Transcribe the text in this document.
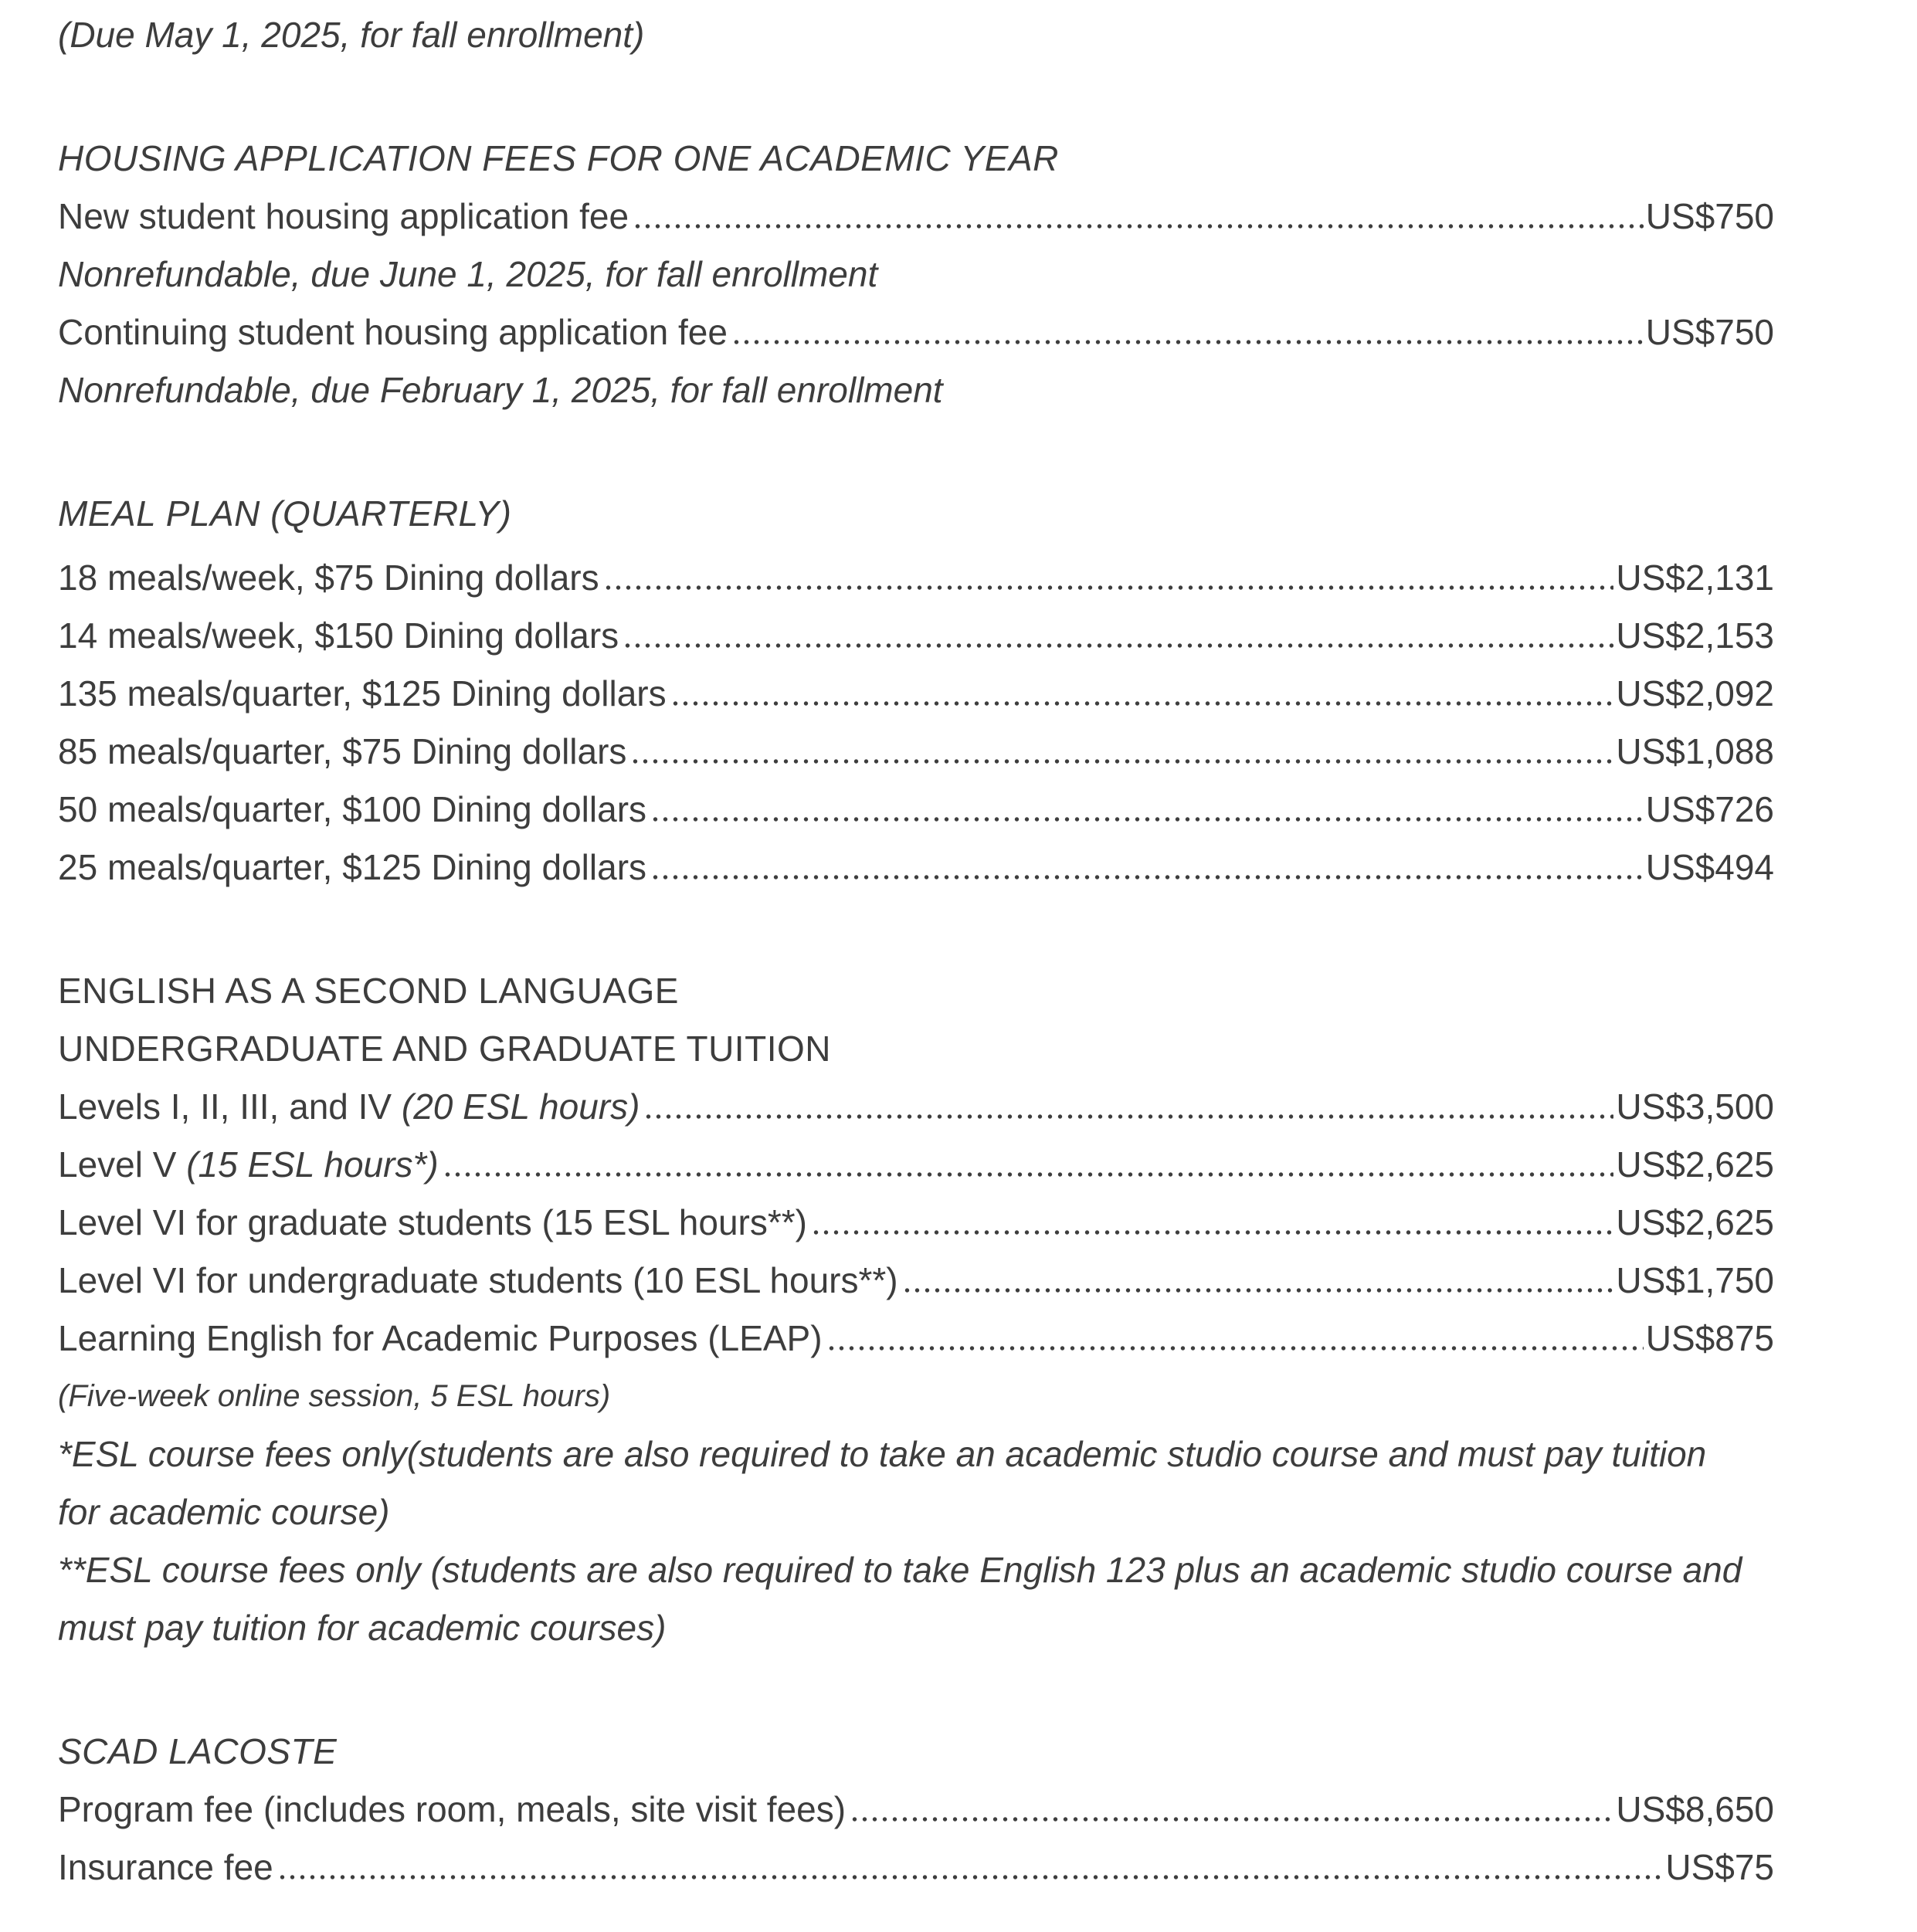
(Due May 1, 2025, for fall enrollment)
HOUSING APPLICATION FEES FOR ONE ACADEMIC YEAR
New student housing application fee	US$750
Nonrefundable, due June 1, 2025, for fall enrollment
Continuing student housing application fee	US$750
Nonrefundable, due February 1, 2025, for fall enrollment
MEAL PLAN (QUARTERLY)
18 meals/week, $75 Dining dollars	US$2,131
14 meals/week, $150 Dining dollars	US$2,153
135 meals/quarter, $125 Dining dollars	US$2,092
85 meals/quarter, $75 Dining dollars	US$1,088
50 meals/quarter, $100 Dining dollars	US$726
25 meals/quarter, $125 Dining dollars	US$494
ENGLISH AS A SECOND LANGUAGE
UNDERGRADUATE AND GRADUATE TUITION
Levels I, II, III, and IV (20 ESL hours)	US$3,500
Level V (15 ESL hours*)	US$2,625
Level VI for graduate students (15 ESL hours**)	US$2,625
Level VI for undergraduate students (10 ESL hours**)	US$1,750
Learning English for Academic Purposes (LEAP)	US$875
(Five-week online session, 5 ESL hours)
*ESL course fees only(students are also required to take an academic studio course and must pay tuition
for academic course)
**ESL course fees only (students are also required to take English 123 plus an academic studio course and
must pay tuition for academic courses)
SCAD LACOSTE
Program fee (includes room, meals, site visit fees)	US$8,650
Insurance fee	US$75
